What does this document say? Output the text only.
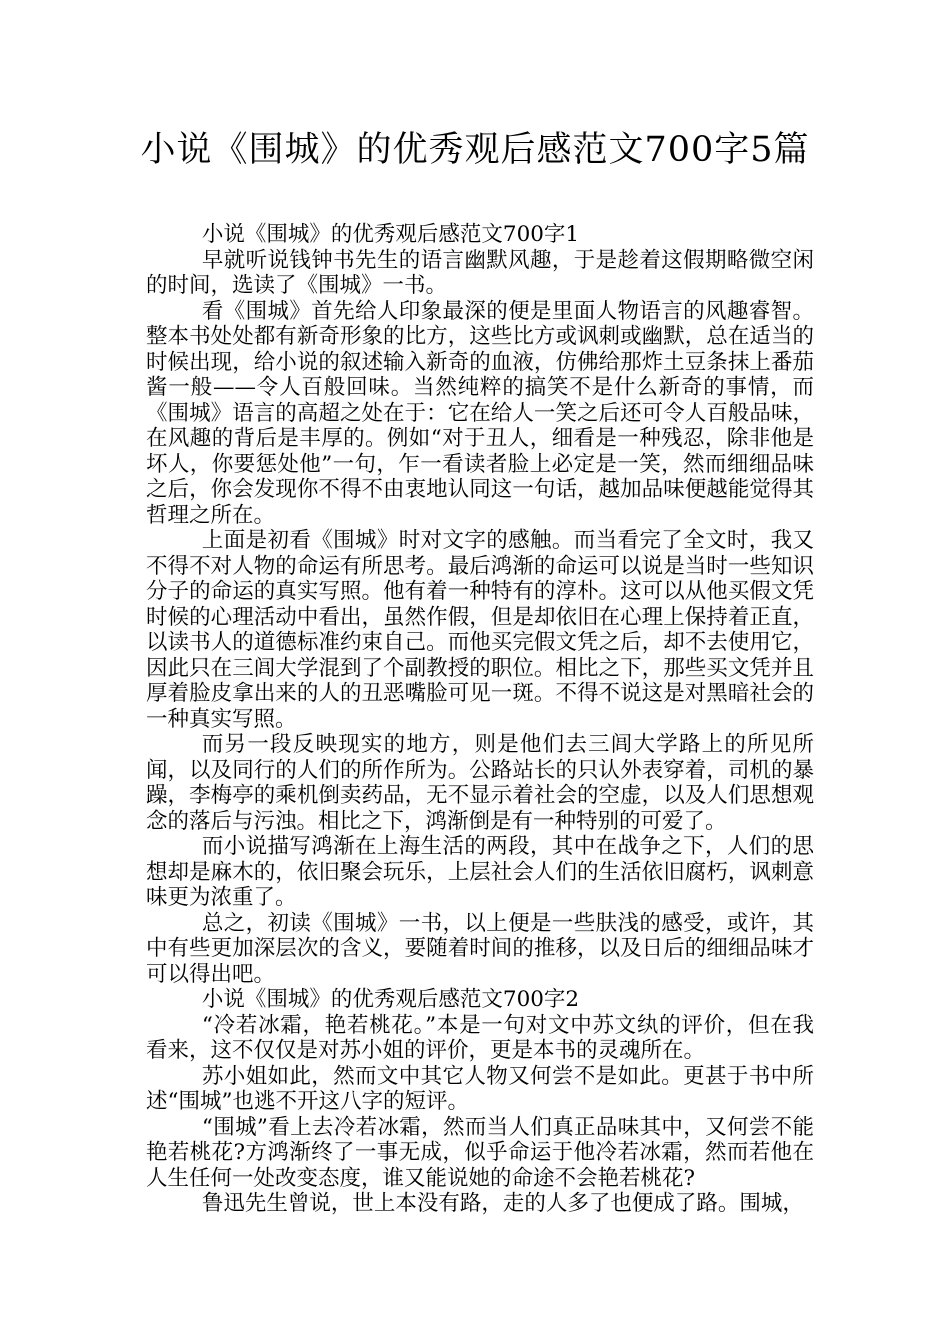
小说《围城》的优秀观后感范文700字5篇

小说《围城》的优秀观后感范文700字1

早就听说钱钟书先生的语言幽默风趣，于是趁着这假期略微空闲的时间，选读了《围城》一书。

看《围城》首先给人印象最深的便是里面人物语言的风趣睿智。整本书处处都有新奇形象的比方，这些比方或讽刺或幽默，总在适当的时候出现，给小说的叙述输入新奇的血液，仿佛给那炸土豆条抹上番茄酱一般——令人百般回味。当然纯粹的搞笑不是什么新奇的事情，而《围城》语言的高超之处在于：它在给人一笑之后还可令人百般品味，在风趣的背后是丰厚的。例如“对于丑人，细看是一种残忍，除非他是坏人，你要惩处他”一句，乍一看读者脸上必定是一笑，然而细细品味之后，你会发现你不得不由衷地认同这一句话，越加品味便越能觉得其哲理之所在。

上面是初看《围城》时对文字的感触。而当看完了全文时，我又不得不对人物的命运有所思考。最后鸿渐的命运可以说是当时一些知识分子的命运的真实写照。他有着一种特有的淳朴。这可以从他买假文凭时候的心理活动中看出，虽然作假，但是却依旧在心理上保持着正直，以读书人的道德标准约束自己。而他买完假文凭之后，却不去使用它，因此只在三闾大学混到了个副教授的职位。相比之下，那些买文凭并且厚着脸皮拿出来的人的丑恶嘴脸可见一斑。不得不说这是对黑暗社会的一种真实写照。

而另一段反映现实的地方，则是他们去三闾大学路上的所见所闻，以及同行的人们的所作所为。公路站长的只认外表穿着，司机的暴躁，李梅亭的乘机倒卖药品，无不显示着社会的空虚，以及人们思想观念的落后与污浊。相比之下，鸿渐倒是有一种特别的可爱了。

而小说描写鸿渐在上海生活的两段，其中在战争之下，人们的思想却是麻木的，依旧聚会玩乐，上层社会人们的生活依旧腐朽，讽刺意味更为浓重了。

总之，初读《围城》一书，以上便是一些肤浅的感受，或许，其中有些更加深层次的含义，要随着时间的推移，以及日后的细细品味才可以得出吧。

小说《围城》的优秀观后感范文700字2

“冷若冰霜，艳若桃花。”本是一句对文中苏文纨的评价，但在我看来，这不仅仅是对苏小姐的评价，更是本书的灵魂所在。

苏小姐如此，然而文中其它人物又何尝不是如此。更甚于书中所述“围城”也逃不开这八字的短评。

“围城”看上去冷若冰霜，然而当人们真正品味其中，又何尝不能艳若桃花?方鸿渐终了一事无成，似乎命运于他冷若冰霜，然而若他在人生任何一处改变态度，谁又能说她的命途不会艳若桃花?

鲁迅先生曾说，世上本没有路，走的人多了也便成了路。围城，
